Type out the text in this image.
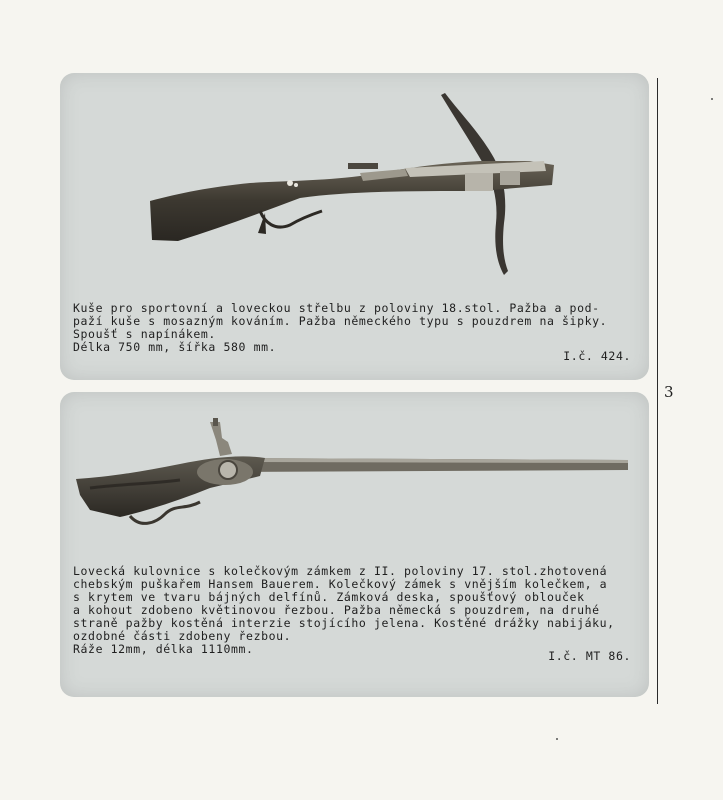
Kuše pro sportovní a loveckou střelbu z poloviny 18.stol. Pažba a pod-
paží kuše s mosazným kováním. Pažba německého typu s pouzdrem na šipky.
Spoušť s napínákem.
Délka 750 mm, šířka 580 mm.

I.č. 424.

Lovecká kulovnice s kolečkovým zámkem z II. poloviny 17. stol.zhotovená
chebským puškařem Hansem Bauerem. Kolečkový zámek s vnějším kolečkem, a
s krytem ve tvaru bájných delfínů. Zámková deska, spoušťový oblouček
a kohout zdobeno květinovou řezbou. Pažba německá s pouzdrem, na druhé
straně pažby kostěná interzie stojícího jelena. Kostěné drážky nabijáku,
ozdobné části zdobeny řezbou.
Ráže 12mm, délka 1110mm.	I.č. MT 86.
3
